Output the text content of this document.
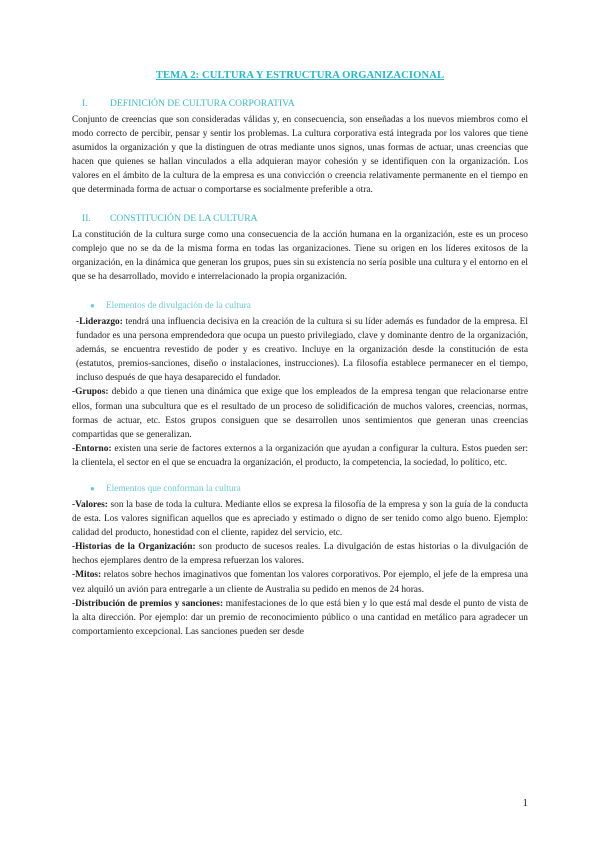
TEMA 2: CULTURA Y ESTRUCTURA ORGANIZACIONAL
I. DEFINICIÓN DE CULTURA CORPORATIVA

Conjunto de creencias que son consideradas válidas y, en consecuencia, son enseñadas a los nuevos miembros como el modo correcto de percibir, pensar y sentir los problemas. La cultura corporativa está integrada por los valores que tiene asumidos la organización y que la distinguen de otras mediante unos signos, unas formas de actuar, unas creencias que hacen que quienes se hallan vinculados a ella adquieran mayor cohesión y se identifiquen con la organización. Los valores en el ámbito de la cultura de la empresa es una convicción o creencia relativamente permanente en el tiempo en que determinada forma de actuar o comportarse es socialmente preferible a otra.

II. CONSTITUCIÓN DE LA CULTURA

La constitución de la cultura surge como una consecuencia de la acción humana en la organización, este es un proceso complejo que no se da de la misma forma en todas las organizaciones. Tiene su origen en los líderes exitosos de la organización, en la dinámica que generan los grupos, pues sin su existencia no sería posible una cultura y el entorno en el que se ha desarrollado, movido e interrelacionado la propia organización.

● Elementos de divulgación de la cultura
-Liderazgo: tendrá una influencia decisiva en la creación de la cultura si su líder además es fundador de la empresa. El fundador es una persona emprendedora que ocupa un puesto privilegiado, clave y dominante dentro de la organización, además, se encuentra revestido de poder y es creativo. Incluye en la organización desde la constitución de esta (estatutos, premios-sanciones, diseño o instalaciones, instrucciones). La filosofía establece permanecer en el tiempo, incluso después de que haya desaparecido el fundador.
-Grupos: debido a que tienen una dinámica que exige que los empleados de la empresa tengan que relacionarse entre ellos, forman una subcultura que es el resultado de un proceso de solidificación de muchos valores, creencias, normas, formas de actuar, etc. Estos grupos consiguen que se desarrollen unos sentimientos que generan unas creencias compartidas que se generalizan.
-Entorno: existen una serie de factores externos a la organización que ayudan a configurar la cultura. Estos pueden ser: la clientela, el sector en el que se encuadra la organización, el producto, la competencia, la sociedad, lo político, etc.
● Elementos que conforman la cultura
-Valores: son la base de toda la cultura. Mediante ellos se expresa la filosofía de la empresa y son la guía de la conducta de esta. Los valores significan aquellos que es apreciado y estimado o digno de ser tenido como algo bueno. Ejemplo: calidad del producto, honestidad con el cliente, rapidez del servicio, etc.
-Historias de la Organización: son producto de sucesos reales. La divulgación de estas historias o la divulgación de hechos ejemplares dentro de la empresa refuerzan los valores.
-Mitos: relatos sobre hechos imaginativos que fomentan los valores corporativos. Por ejemplo, el jefe de la empresa una vez alquiló un avión para entregarle a un cliente de Australia su pedido en menos de 24 horas.
-Distribución de premios y sanciones: manifestaciones de lo que está bien y lo que está mal desde el punto de vista de la alta dirección. Por ejemplo: dar un premio de reconocimiento público o una cantidad en metálico para agradecer un comportamiento excepcional. Las sanciones pueden ser desde
1
